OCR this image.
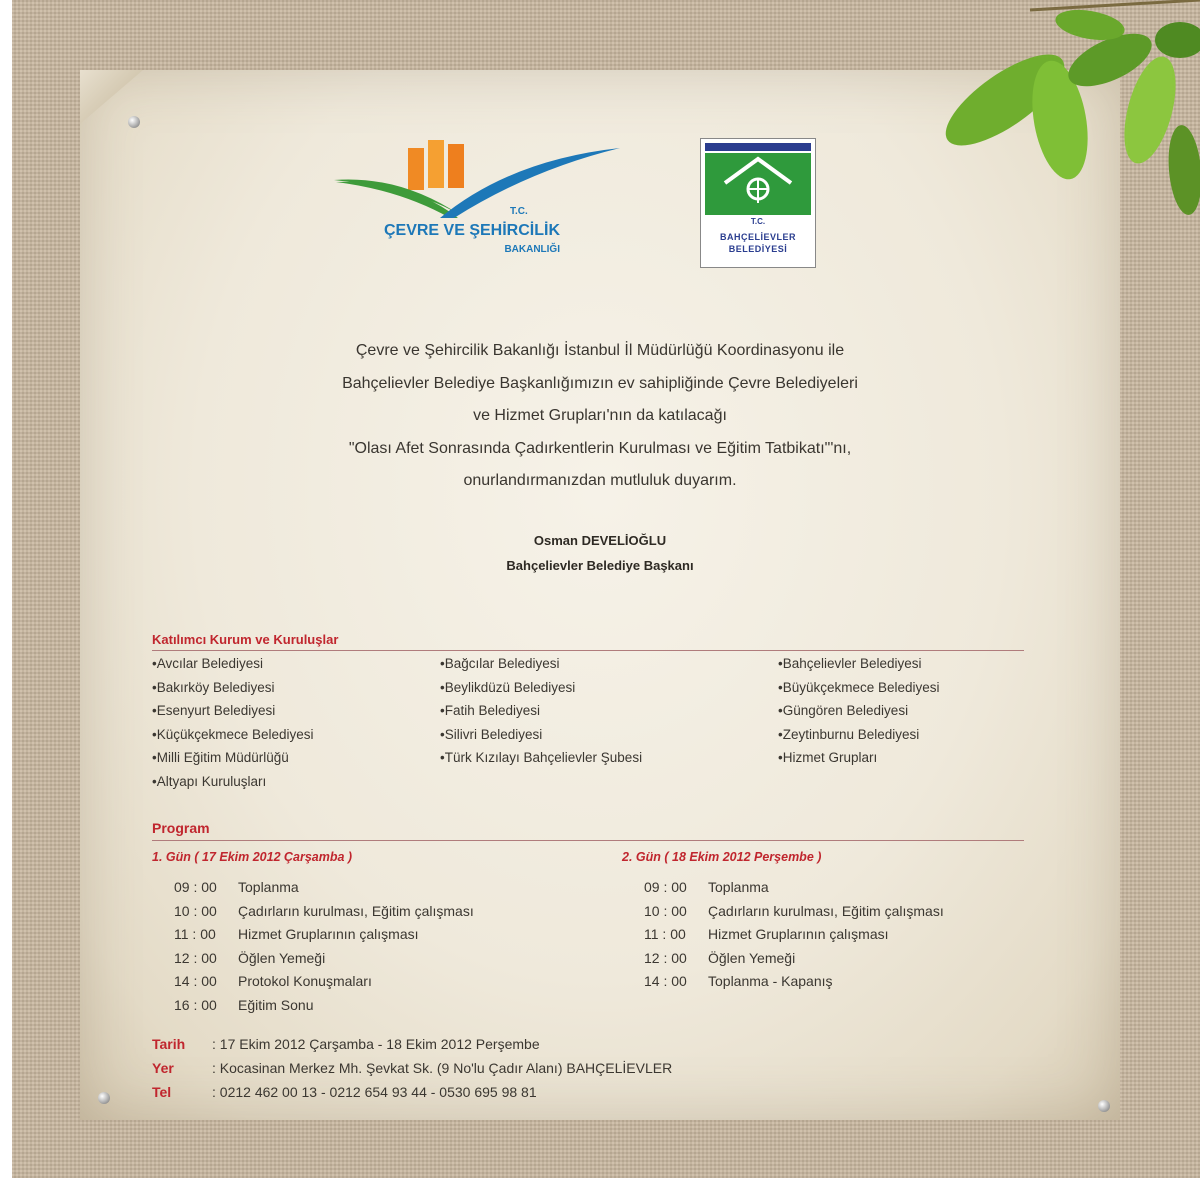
T.C.
ÇEVRE VE ŞEHİRCİLİK
BAKANLIĞI
T.C.
BAHÇELİEVLER
BELEDİYESİ
Çevre ve Şehircilik Bakanlığı İstanbul İl Müdürlüğü Koordinasyonu ile
Bahçelievler Belediye Başkanlığımızın ev sahipliğinde Çevre Belediyeleri
ve Hizmet Grupları'nın da katılacağı
"Olası Afet Sonrasında Çadırkentlerin Kurulması ve Eğitim Tatbikatı"'nı,
onurlandırmanızdan mutluluk duyarım.
Osman DEVELİOĞLU
Bahçelievler Belediye Başkanı
Katılımcı Kurum ve Kuruluşlar
• Avcılar Belediyesi
• Bakırköy Belediyesi
• Esenyurt Belediyesi
• Küçükçekmece Belediyesi
• Milli Eğitim Müdürlüğü
• Altyapı Kuruluşları
• Bağcılar Belediyesi
• Beylikdüzü Belediyesi
• Fatih Belediyesi
• Silivri Belediyesi
• Türk Kızılayı Bahçelievler Şubesi
• Bahçelievler Belediyesi
• Büyükçekmece Belediyesi
• Güngören Belediyesi
• Zeytinburnu Belediyesi
• Hizmet Grupları
Program
1. Gün ( 17 Ekim 2012 Çarşamba )	2. Gün ( 18 Ekim 2012 Perşembe )
09 : 00 Toplanma
10 : 00 Çadırların kurulması, Eğitim çalışması
11 : 00 Hizmet Gruplarının çalışması
12 : 00 Öğlen Yemeği
14 : 00 Protokol Konuşmaları
16 : 00 Eğitim Sonu
09 : 00 Toplanma
10 : 00 Çadırların kurulması, Eğitim çalışması
11 : 00 Hizmet Gruplarının çalışması
12 : 00 Öğlen Yemeği
14 : 00 Toplanma - Kapanış
Tarih : 17 Ekim 2012 Çarşamba - 18 Ekim 2012 Perşembe
Yer	: Kocasinan Merkez Mh. Şevkat Sk. (9 No'lu Çadır Alanı) BAHÇELİEVLER
Tel	: 0212 462 00 13 - 0212 654 93 44 - 0530 695 98 81
